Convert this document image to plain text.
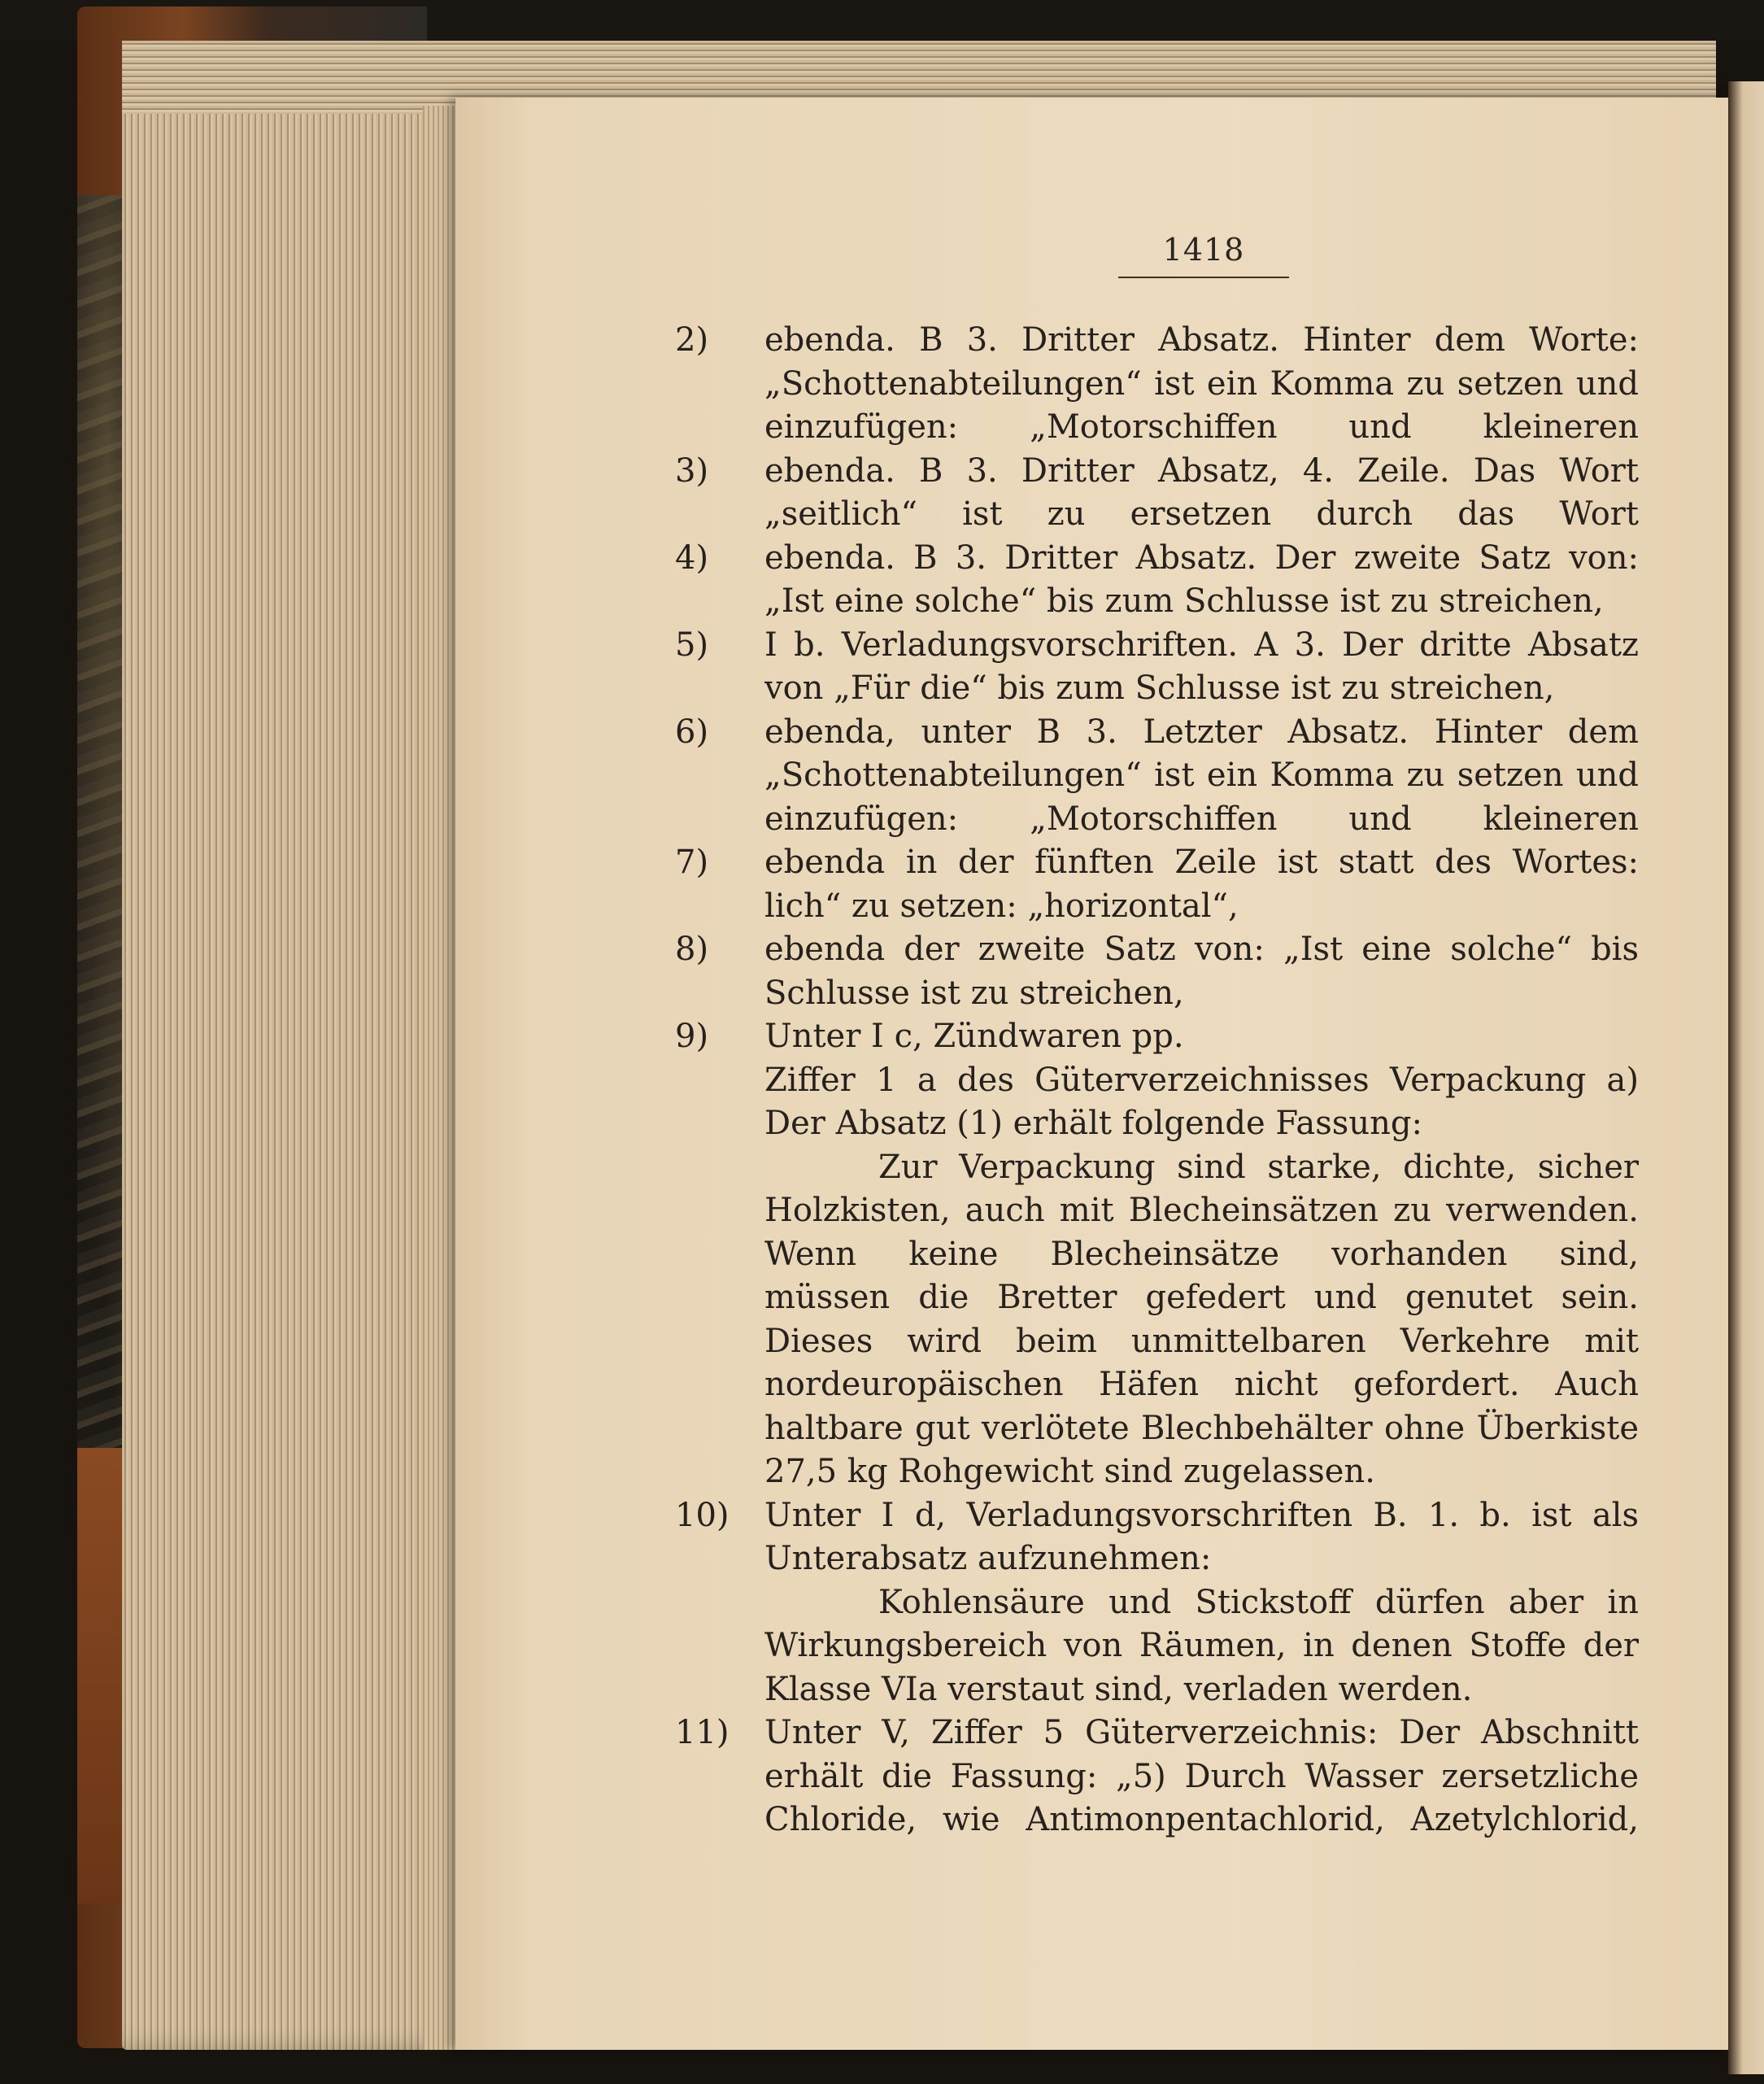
1418
2)	ebenda. B 3. Dritter Absatz. Hinter dem Worte:
„Schottenabteilungen“ ist ein Komma zu setzen und
einzufügen: „Motorschiffen und kleineren
3)	ebenda. B 3. Dritter Absatz, 4. Zeile. Das Wort
„seitlich“ ist zu ersetzen durch das Wort
4)	ebenda. B 3. Dritter Absatz. Der zweite Satz von:
„Ist eine solche“ bis zum Schlusse ist zu streichen,
5)	I b. Verladungsvorschriften. A 3. Der dritte Absatz
von „Für die“ bis zum Schlusse ist zu streichen,
6)	ebenda, unter B 3. Letzter Absatz. Hinter dem
„Schottenabteilungen“ ist ein Komma zu setzen und
einzufügen: „Motorschiffen und kleineren
7)	ebenda in der fünften Zeile ist statt des Wortes:
lich“ zu setzen: „horizontal“,
8)	ebenda der zweite Satz von: „Ist eine solche“ bis
Schlusse ist zu streichen,
9)	Unter I c, Zündwaren pp.
Ziffer 1 a des Güterverzeichnisses Verpackung a)
Der Absatz (1) erhält folgende Fassung:
Zur Verpackung sind starke, dichte, sicher
Holzkisten, auch mit Blecheinsätzen zu verwenden.
Wenn keine Blecheinsätze vorhanden sind,
müssen die Bretter gefedert und genutet sein.
Dieses wird beim unmittelbaren Verkehre mit
nordeuropäischen Häfen nicht gefordert. Auch
haltbare gut verlötete Blechbehälter ohne Überkiste
27,5 kg Rohgewicht sind zugelassen.
10)	Unter I d, Verladungsvorschriften B. 1. b. ist als
Unterabsatz aufzunehmen:
Kohlensäure und Stickstoff dürfen aber in
Wirkungsbereich von Räumen, in denen Stoffe der
Klasse VIa verstaut sind, verladen werden.
11)	Unter V, Ziffer 5 Güterverzeichnis: Der Abschnitt
erhält die Fassung: „5) Durch Wasser zersetzliche
Chloride, wie Antimonpentachlorid, Azetylchlorid,
